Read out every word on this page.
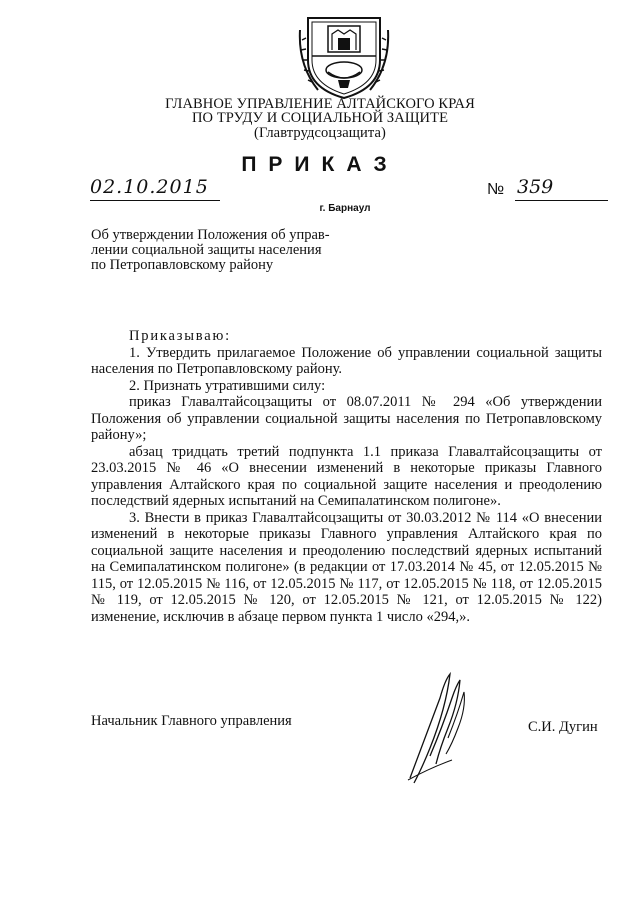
ГЛАВНОЕ УПРАВЛЕНИЕ АЛТАЙСКОГО КРАЯ
ПО ТРУДУ И СОЦИАЛЬНОЙ ЗАЩИТЕ
(Главтрудсоцзащита)
ПРИКАЗ
02.10.2015
г. Барнаул
№ 359
Об утверждении Положения об управ-
лении социальной защиты населения
по Петропавловскому району

Приказываю:

1. Утвердить прилагаемое Положение об управлении социальной защиты населения по Петропавловскому району.

2. Признать утратившими силу:

приказ Главалтайсоцзащиты от 08.07.2011 № 294 «Об утверждении Положения об управлении социальной защиты населения по Петропавловскому району»;

абзац тридцать третий подпункта 1.1 приказа Главалтайсоцзащиты от 23.03.2015 № 46 «О внесении изменений в некоторые приказы Главного управления Алтайского края по социальной защите населения и преодолению последствий ядерных испытаний на Семипалатинском полигоне».

3. Внести в приказ Главалтайсоцзащиты от 30.03.2012 № 114 «О внесении изменений в некоторые приказы Главного управления Алтайского края по социальной защите населения и преодолению последствий ядерных испытаний на Семипалатинском полигоне» (в редакции от 17.03.2014 № 45, от 12.05.2015 № 115, от 12.05.2015 № 116, от 12.05.2015 № 117, от 12.05.2015 № 118, от 12.05.2015 № 119, от 12.05.2015 № 120, от 12.05.2015 № 121, от 12.05.2015 № 122) изменение, исключив в абзаце первом пункта 1 число «294,».

Начальник Главного управления	С.И. Дугин
